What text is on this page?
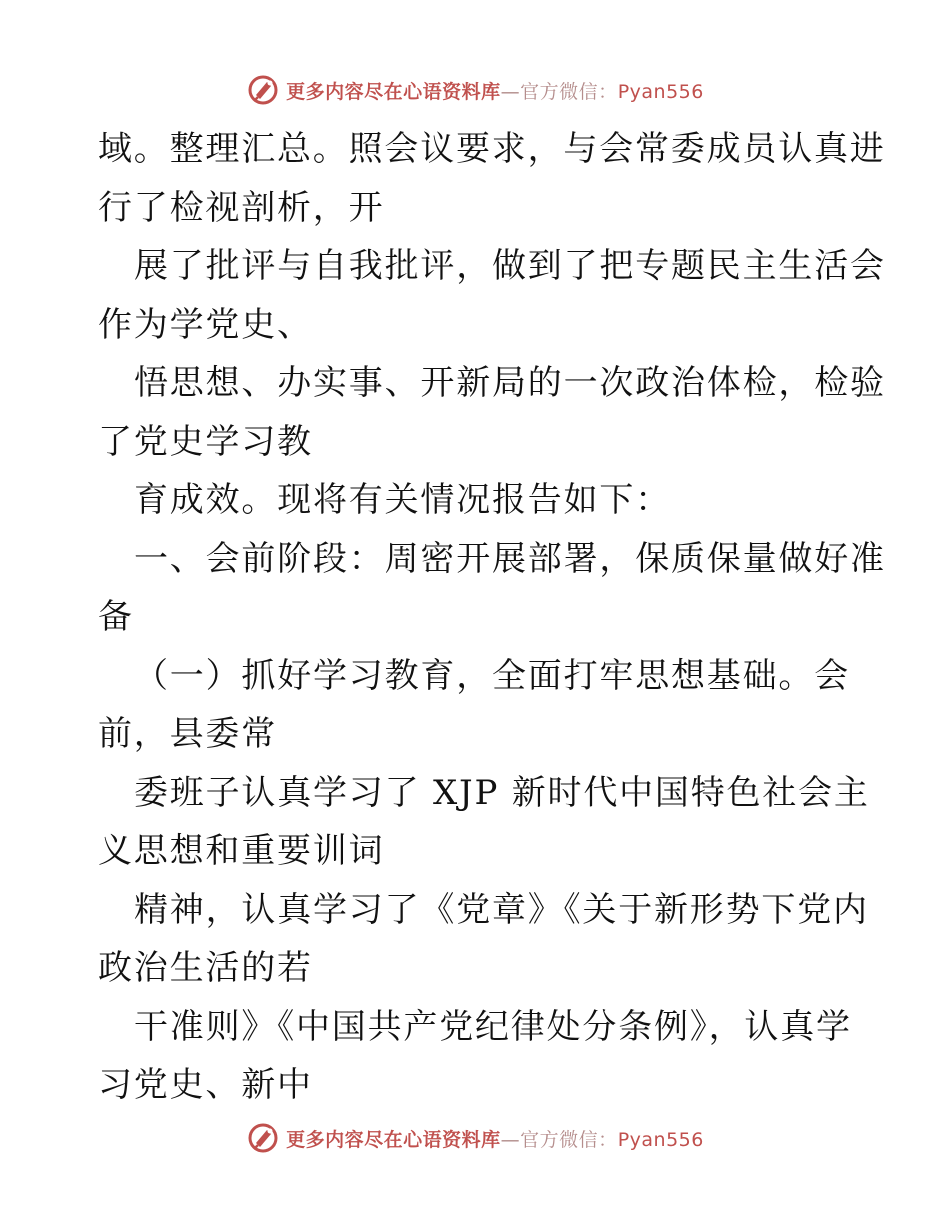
更多内容尽在心语资料库—官方微信：Pyan556
域。整理汇总。照会议要求，与会常委成员认真进
行了检视剖析，开
展了批评与自我批评，做到了把专题民主生活会
作为学党史、
悟思想、办实事、开新局的一次政治体检，检验
了党史学习教
育成效。现将有关情况报告如下：
一、会前阶段：周密开展部署，保质保量做好准
备
（一）抓好学习教育，全面打牢思想基础。会
前，县委常
委班子认真学习了 XJP 新时代中国特色社会主
义思想和重要训词
精神，认真学习了《党章》《关于新形势下党内
政治生活的若
干准则》《中国共产党纪律处分条例》，认真学
习党史、新中
更多内容尽在心语资料库—官方微信：Pyan556
